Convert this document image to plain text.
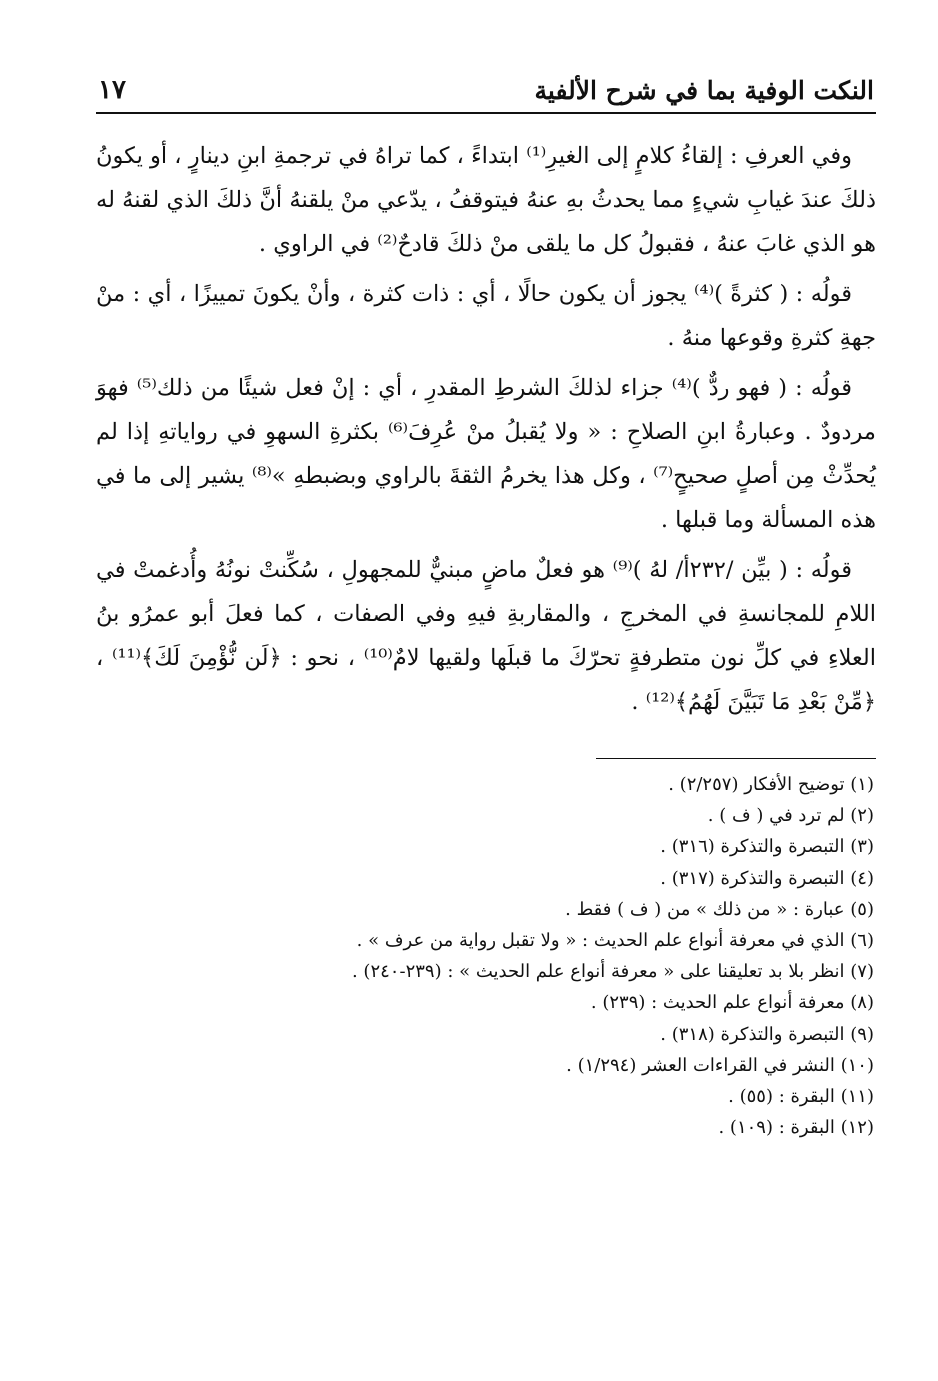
النكت الوفية بما في شرح الألفية
١٧

وفي العرفِ : إلقاءُ كلامٍ إلى الغيرِ⁽¹⁾ ابتداءً ، كما تراهُ في ترجمةِ ابنِ دينارٍ ، أو يكونُ ذلكَ عندَ غيابِ شيءٍ مما يحدثُ بهِ عنهُ فيتوقفُ ، يدّعي منْ يلقنهُ أنَّ ذلكَ الذي لقنهُ له هو الذي غابَ عنهُ ، فقبولُ كل ما يلقى منْ ذلكَ قادحٌ⁽²⁾ في الراوي .

قولُه : ( كثرةً )⁽⁴⁾ يجوز أن يكون حالًا ، أي : ذات كثرة ، وأنْ يكونَ تمييزًا ، أي : منْ جهةِ كثرةِ وقوعها منهُ .

قولُه : ( فهو ردٌّ )⁽⁴⁾ جزاء لذلكَ الشرطِ المقدرِ ، أي : إنْ فعل شيئًا من ذلك⁽⁵⁾ فهوَ مردودٌ . وعبارةُ ابنِ الصلاحِ : « ولا يُقبلُ منْ عُرِفَ⁽⁶⁾ بكثرةِ السهوِ في رواياتهِ إذا لم يُحدِّثْ مِن أصلٍ صحيحٍ⁽⁷⁾ ، وكل هذا يخرمُ الثقةَ بالراوي وبضبطهِ »⁽⁸⁾ يشير إلى ما في هذه المسألة وما قبلها .

قولُه : ( بيِّن /٢٣٢أ/ لهُ )⁽⁹⁾ هو فعلٌ ماضٍ مبنيٌّ للمجهولِ ، سُكِّنتْ نونُهُ وأُدغمتْ في اللامِ للمجانسةِ في المخرجِ ، والمقاربةِ فيهِ وفي الصفات ، كما فعلَ أبو عمرُو بنُ العلاءِ في كلِّ نون متطرفةٍ تحرّكَ ما قبلَها ولقيها لامٌ⁽¹⁰⁾ ، نحو : ﴿لَن نُّؤْمِنَ لَكَ﴾⁽¹¹⁾ ، ﴿مِّنْ بَعْدِ مَا تَبَيَّنَ لَهُمُ﴾⁽¹²⁾ .

(١) توضيح الأفكار (٢/٢٥٧) .
(٢) لم ترد في ( ف ) .
(٣) التبصرة والتذكرة (٣١٦) .
(٤) التبصرة والتذكرة (٣١٧) .
(٥) عبارة : « من ذلك » من ( ف ) فقط .
(٦) الذي في معرفة أنواع علم الحديث : « ولا تقبل رواية من عرف » .
(٧) انظر بلا بد تعليقنا على « معرفة أنواع علم الحديث » : (٢٣٩-٢٤٠) .
(٨) معرفة أنواع علم الحديث : (٢٣٩) .
(٩) التبصرة والتذكرة (٣١٨) .
(١٠) النشر في القراءات العشر (١/٢٩٤) .
(١١) البقرة : (٥٥) .
(١٢) البقرة : (١٠٩) .
